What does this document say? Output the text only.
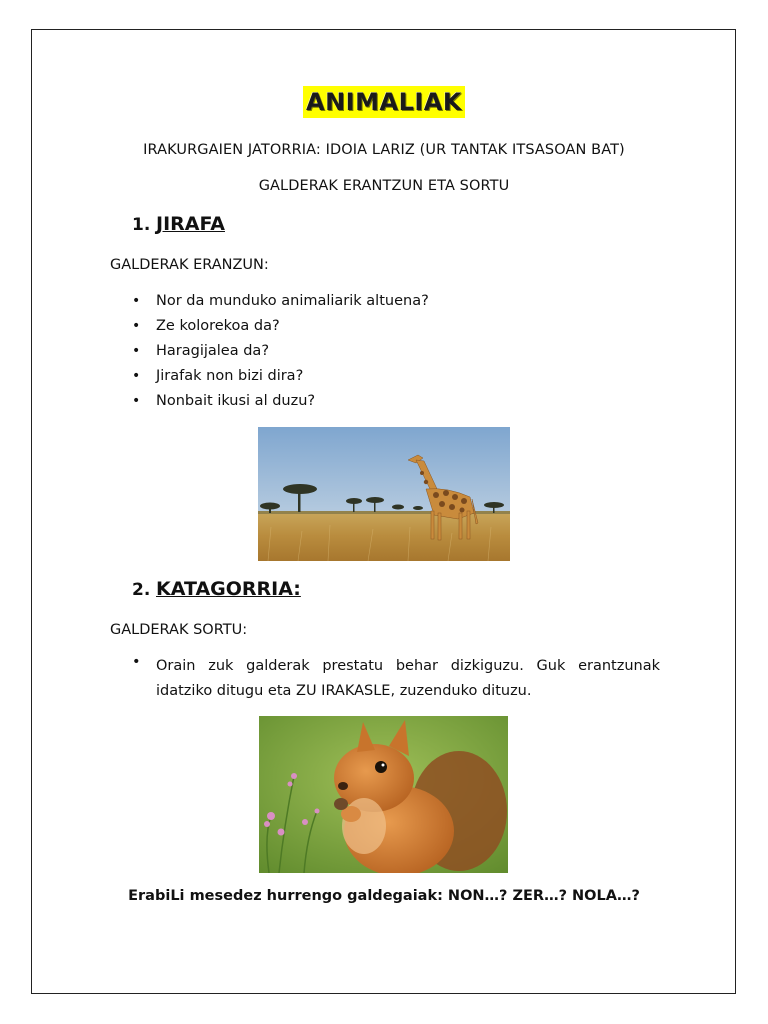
ANIMALIAK
IRAKURGAIEN JATORRIA: IDOIA LARIZ (UR TANTAK ITSASOAN BAT)
GALDERAK ERANTZUN ETA SORTU
1. JIRAFA
GALDERAK ERANZUN:
• Nor da munduko animaliarik altuena?
• Ze kolorekoa da?
• Haragijalea da?
• Jirafak non bizi dira?
• Nonbait ikusi al duzu?
2. KATAGORRIA:
GALDERAK SORTU:
• Orain zuk galderak prestatu behar dizkiguzu. Guk erantzunak idatziko ditugu eta ZU IRAKASLE, zuzenduko dituzu.
ErabiLi mesedez hurrengo galdegaiak: NON…? ZER…? NOLA…?
